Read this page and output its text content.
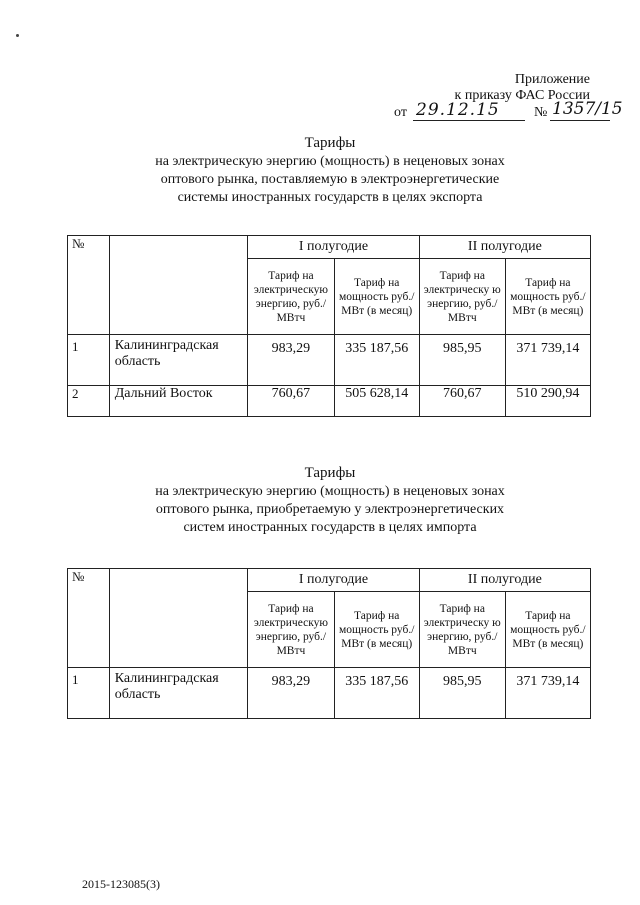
Приложение
к приказу ФАС России
от 29.12.15 № 1357/15
Тарифы
на электрическую энергию (мощность) в неценовых зонах
оптового рынка, поставляемую в электроэнергетические
системы иностранных государств в целях экспорта
№		I полугодие		II полугодие	
		Тариф на электрическую энергию, руб./МВтч	Тариф на мощность руб./МВт (в месяц)	Тариф на электрическу ю энергию, руб./МВтч	Тариф на мощность руб./МВт (в месяц)
1	Калининградская область	983,29	335 187,56	985,95	371 739,14
2	Дальний Восток	760,67	505 628,14	760,67	510 290,94
Тарифы
на электрическую энергию (мощность) в неценовых зонах
оптового рынка, приобретаемую у электроэнергетических
систем иностранных государств в целях импорта
№		I полугодие		II полугодие	
		Тариф на электрическую энергию, руб./МВтч	Тариф на мощность руб./МВт (в месяц)	Тариф на электрическу ю энергию, руб./МВтч	Тариф на мощность руб./МВт (в месяц)
1	Калининградская область	983,29	335 187,56	985,95	371 739,14
2015-123085(3)
